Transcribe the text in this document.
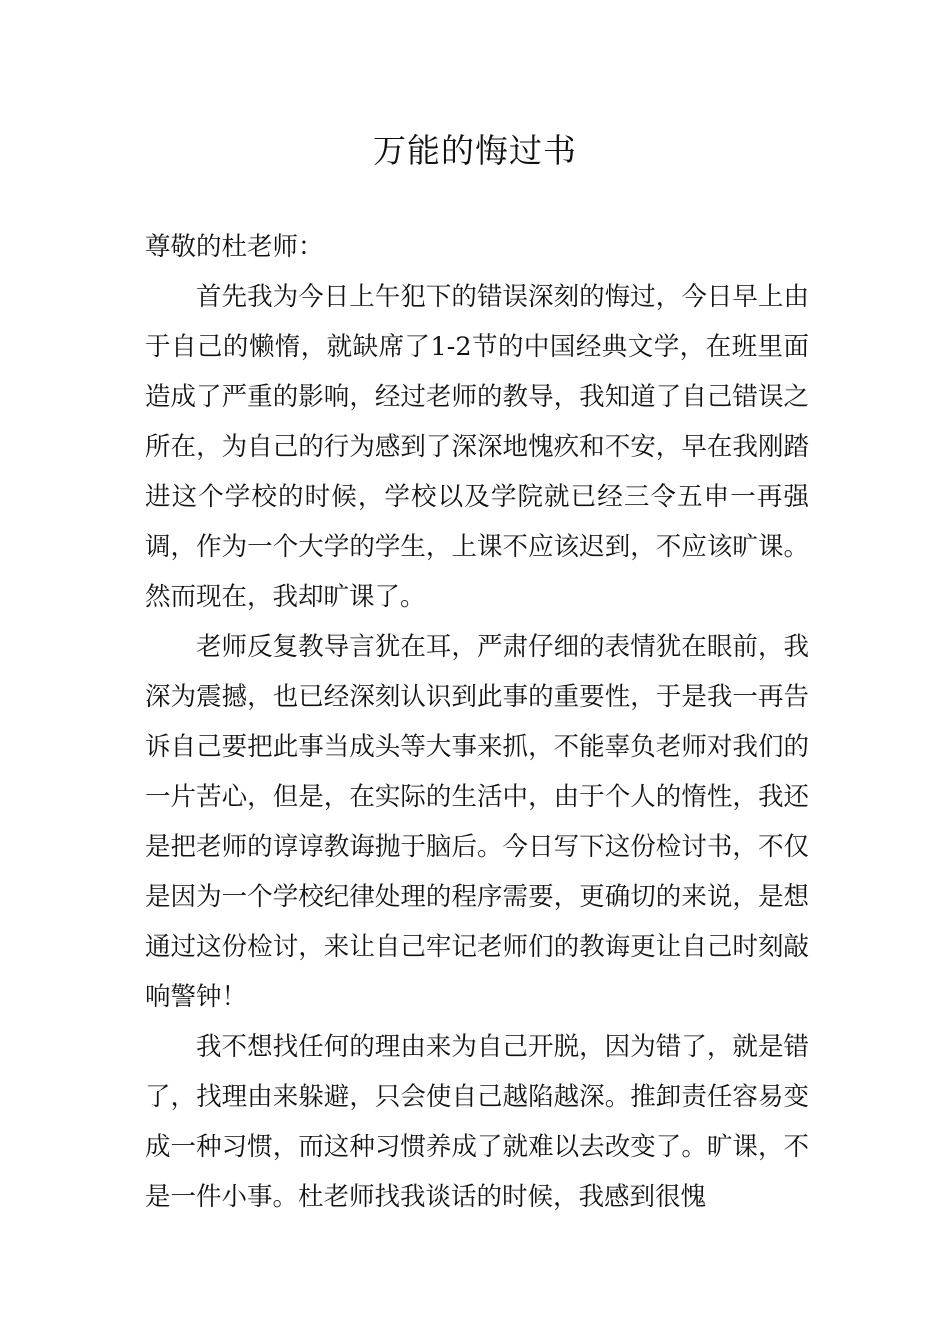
万能的悔过书

尊敬的杜老师：

首先我为今日上午犯下的错误深刻的悔过，今日早上由于自己的懒惰，就缺席了1-2节的中国经典文学，在班里面造成了严重的影响，经过老师的教导，我知道了自己错误之所在，为自己的行为感到了深深地愧疚和不安，早在我刚踏进这个学校的时候，学校以及学院就已经三令五申一再强调，作为一个大学的学生，上课不应该迟到，不应该旷课。然而现在，我却旷课了。

老师反复教导言犹在耳，严肃仔细的表情犹在眼前，我深为震撼，也已经深刻认识到此事的重要性，于是我一再告诉自己要把此事当成头等大事来抓，不能辜负老师对我们的一片苦心，但是，在实际的生活中，由于个人的惰性，我还是把老师的谆谆教诲抛于脑后。今日写下这份检讨书，不仅是因为一个学校纪律处理的程序需要，更确切的来说，是想通过这份检讨，来让自己牢记老师们的教诲更让自己时刻敲响警钟！

我不想找任何的理由来为自己开脱，因为错了，就是错了，找理由来躲避，只会使自己越陷越深。推卸责任容易变成一种习惯，而这种习惯养成了就难以去改变了。旷课，不是一件小事。杜老师找我谈话的时候，我感到很愧
